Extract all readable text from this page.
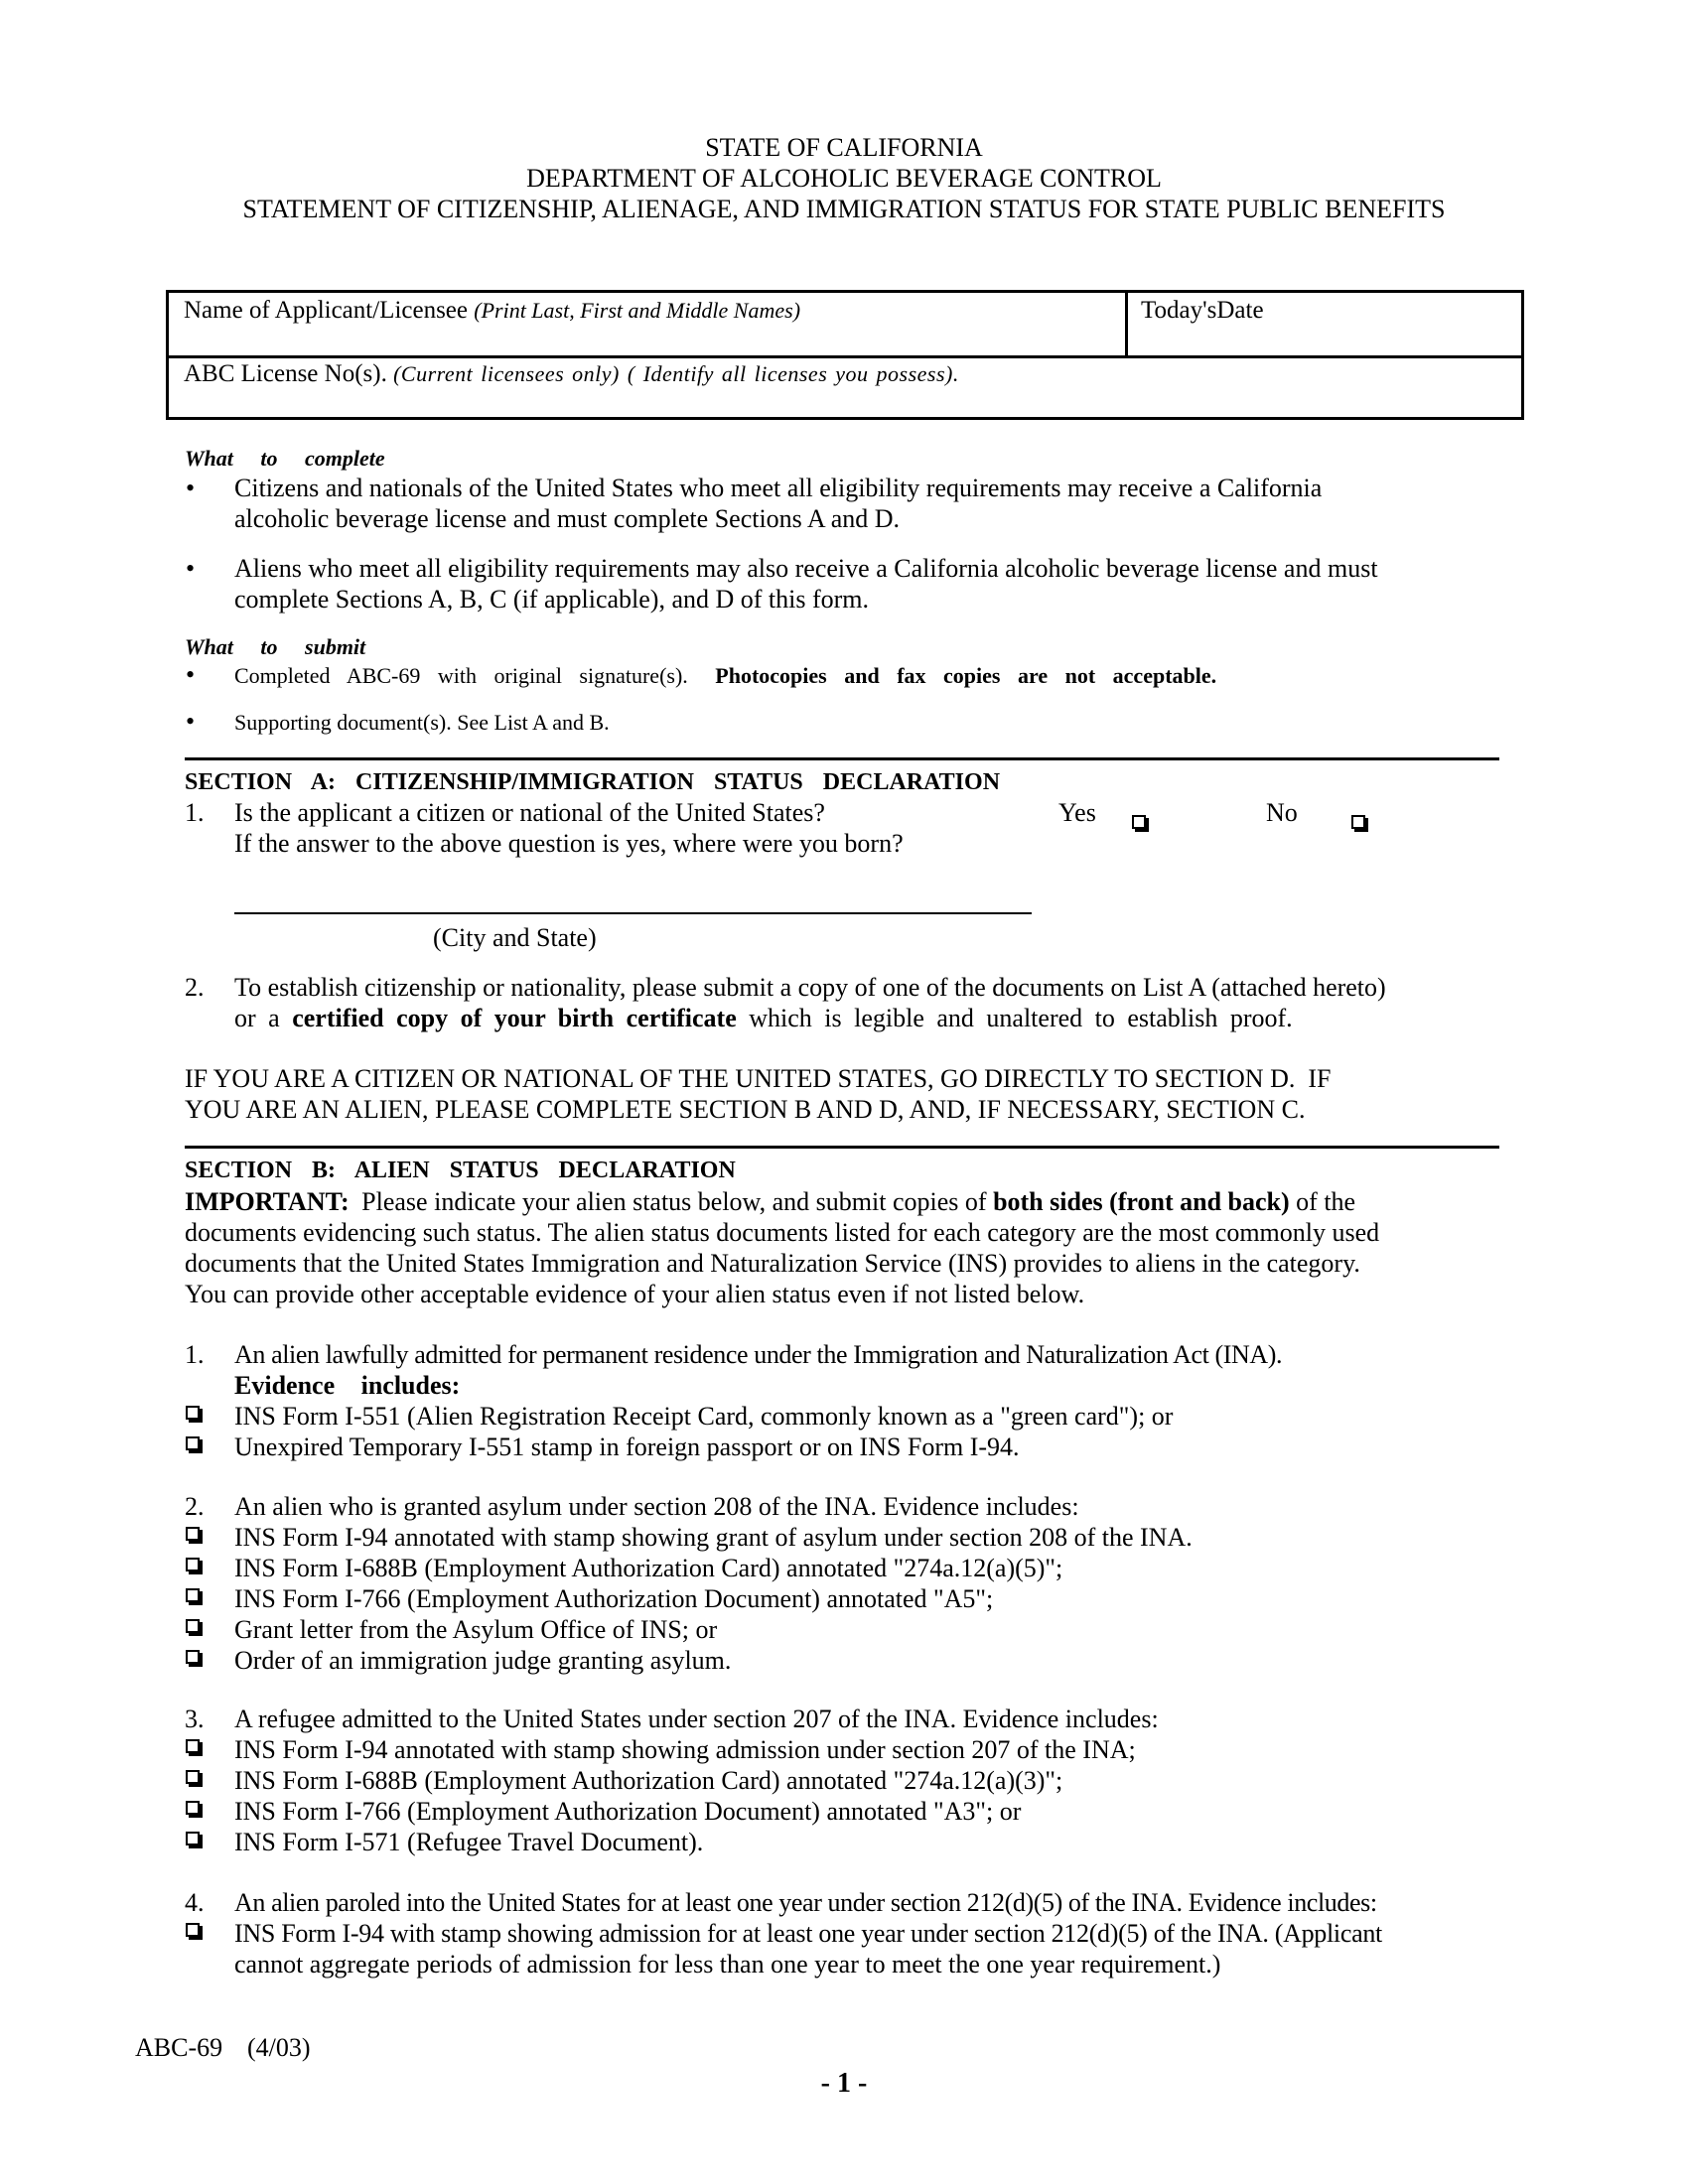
STATE OF CALIFORNIA
DEPARTMENT OF ALCOHOLIC BEVERAGE CONTROL
STATEMENT OF CITIZENSHIP, ALIENAGE, AND IMMIGRATION STATUS FOR STATE PUBLIC BENEFITS
Name of Applicant/Licensee (Print Last, First and Middle Names)	Today'sDate
ABC License No(s). (Current licensees only) ( Identify all licenses you possess).
What to complete
• Citizens and nationals of the United States who meet all eligibility requirements may receive a California
alcoholic beverage license and must complete Sections A and D.
• Aliens who meet all eligibility requirements may also receive a California alcoholic beverage license and must
complete Sections A, B, C (if applicable), and D of this form.
What to submit
• Completed ABC-69 with original signature(s). Photocopies and fax copies are not acceptable.
• Supporting document(s). See List A and B.
SECTION A: CITIZENSHIP/IMMIGRATION STATUS DECLARATION
1. Is the applicant a citizen or national of the United States?	Yes
	No
If the answer to the above question is yes, where were you born?
(City and State)
2. To establish citizenship or nationality, please submit a copy of one of the documents on List A (attached hereto)
or a certified copy of your birth certificate which is legible and unaltered to establish proof.
IF YOU ARE A CITIZEN OR NATIONAL OF THE UNITED STATES, GO DIRECTLY TO SECTION D.  IF
YOU ARE AN ALIEN, PLEASE COMPLETE SECTION B AND D, AND, IF NECESSARY, SECTION C.
SECTION B: ALIEN STATUS DECLARATION
IMPORTANT: Please indicate your alien status below, and submit copies of both sides (front and back) of the
documents evidencing such status. The alien status documents listed for each category are the most commonly used
documents that the United States Immigration and Naturalization Service (INS) provides to aliens in the category.
You can provide other acceptable evidence of your alien status even if not listed below.
1. An alien lawfully admitted for permanent residence under the Immigration and Naturalization Act (INA).
Evidence includes:
INS Form I-551 (Alien Registration Receipt Card, commonly known as a "green card"); or
Unexpired Temporary I-551 stamp in foreign passport or on INS Form I-94.
2. An alien who is granted asylum under section 208 of the INA. Evidence includes:
INS Form I-94 annotated with stamp showing grant of asylum under section 208 of the INA.
INS Form I-688B (Employment Authorization Card) annotated "274a.12(a)(5)";
INS Form I-766 (Employment Authorization Document) annotated "A5";
Grant letter from the Asylum Office of INS; or
Order of an immigration judge granting asylum.
3. A refugee admitted to the United States under section 207 of the INA. Evidence includes:
INS Form I-94 annotated with stamp showing admission under section 207 of the INA;
INS Form I-688B (Employment Authorization Card) annotated "274a.12(a)(3)";
INS Form I-766 (Employment Authorization Document) annotated "A3"; or
INS Form I-571 (Refugee Travel Document).
4. An alien paroled into the United States for at least one year under section 212(d)(5) of the INA. Evidence includes:
INS Form I-94 with stamp showing admission for at least one year under section 212(d)(5) of the INA. (Applicant
cannot aggregate periods of admission for less than one year to meet the one year requirement.)
ABC-69 (4/03)
- 1 -
